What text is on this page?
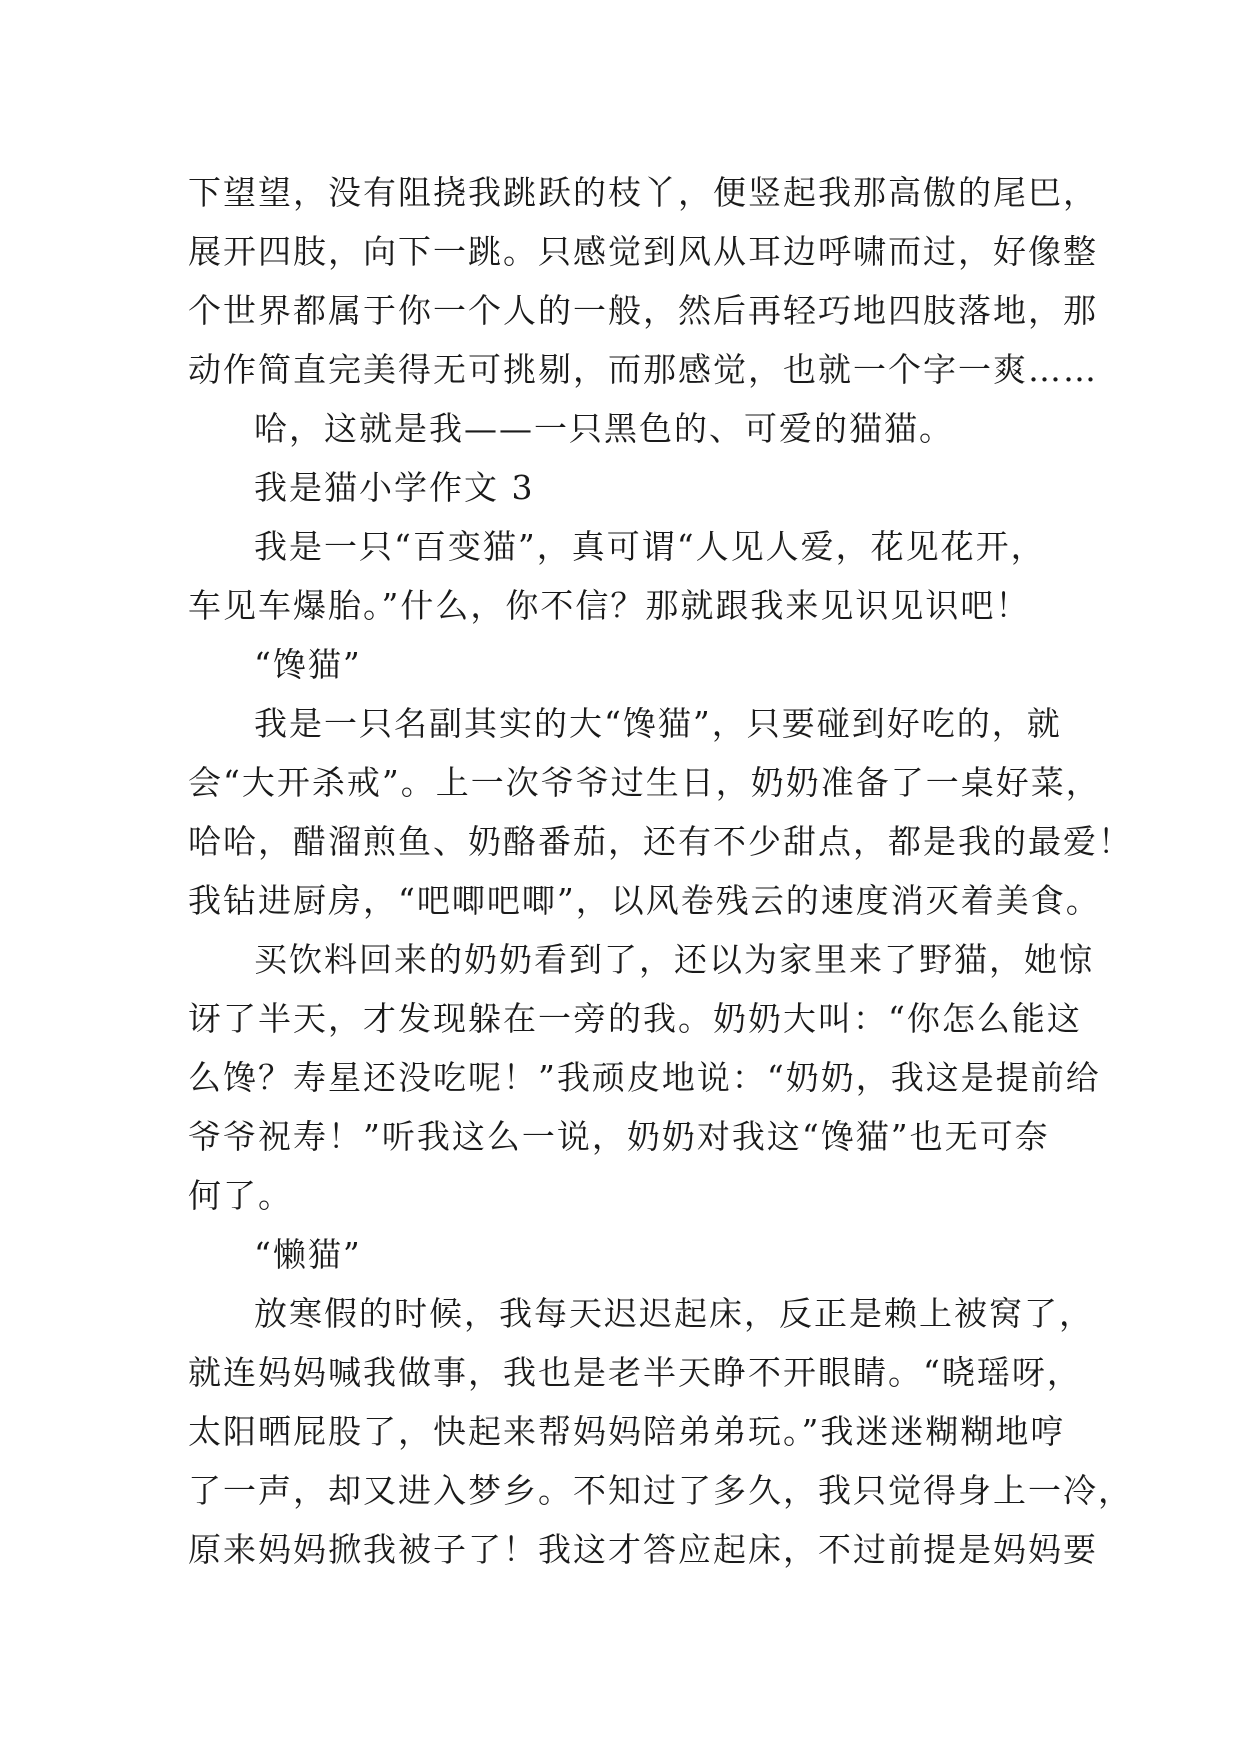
下望望，没有阻挠我跳跃的枝丫，便竖起我那高傲的尾巴，
展开四肢，向下一跳。只感觉到风从耳边呼啸而过，好像整
个世界都属于你一个人的一般，然后再轻巧地四肢落地，那
动作简直完美得无可挑剔，而那感觉，也就一个字一爽……
哈，这就是我——一只黑色的、可爱的猫猫。
我是猫小学作文 3
我是一只“百变猫”，真可谓“人见人爱，花见花开，
车见车爆胎。”什么，你不信？那就跟我来见识见识吧！
“馋猫”
我是一只名副其实的大“馋猫”，只要碰到好吃的，就
会“大开杀戒”。上一次爷爷过生日，奶奶准备了一桌好菜，
哈哈，醋溜煎鱼、奶酪番茄，还有不少甜点，都是我的最爱！
我钻进厨房，“吧唧吧唧”，以风卷残云的速度消灭着美食。
买饮料回来的奶奶看到了，还以为家里来了野猫，她惊
讶了半天，才发现躲在一旁的我。奶奶大叫：“你怎么能这
么馋？寿星还没吃呢！”我顽皮地说：“奶奶，我这是提前给
爷爷祝寿！”听我这么一说，奶奶对我这“馋猫”也无可奈
何了。
“懒猫”
放寒假的时候，我每天迟迟起床，反正是赖上被窝了，
就连妈妈喊我做事，我也是老半天睁不开眼睛。“晓瑶呀，
太阳晒屁股了，快起来帮妈妈陪弟弟玩。”我迷迷糊糊地哼
了一声，却又进入梦乡。不知过了多久，我只觉得身上一冷，
原来妈妈掀我被子了！我这才答应起床，不过前提是妈妈要
